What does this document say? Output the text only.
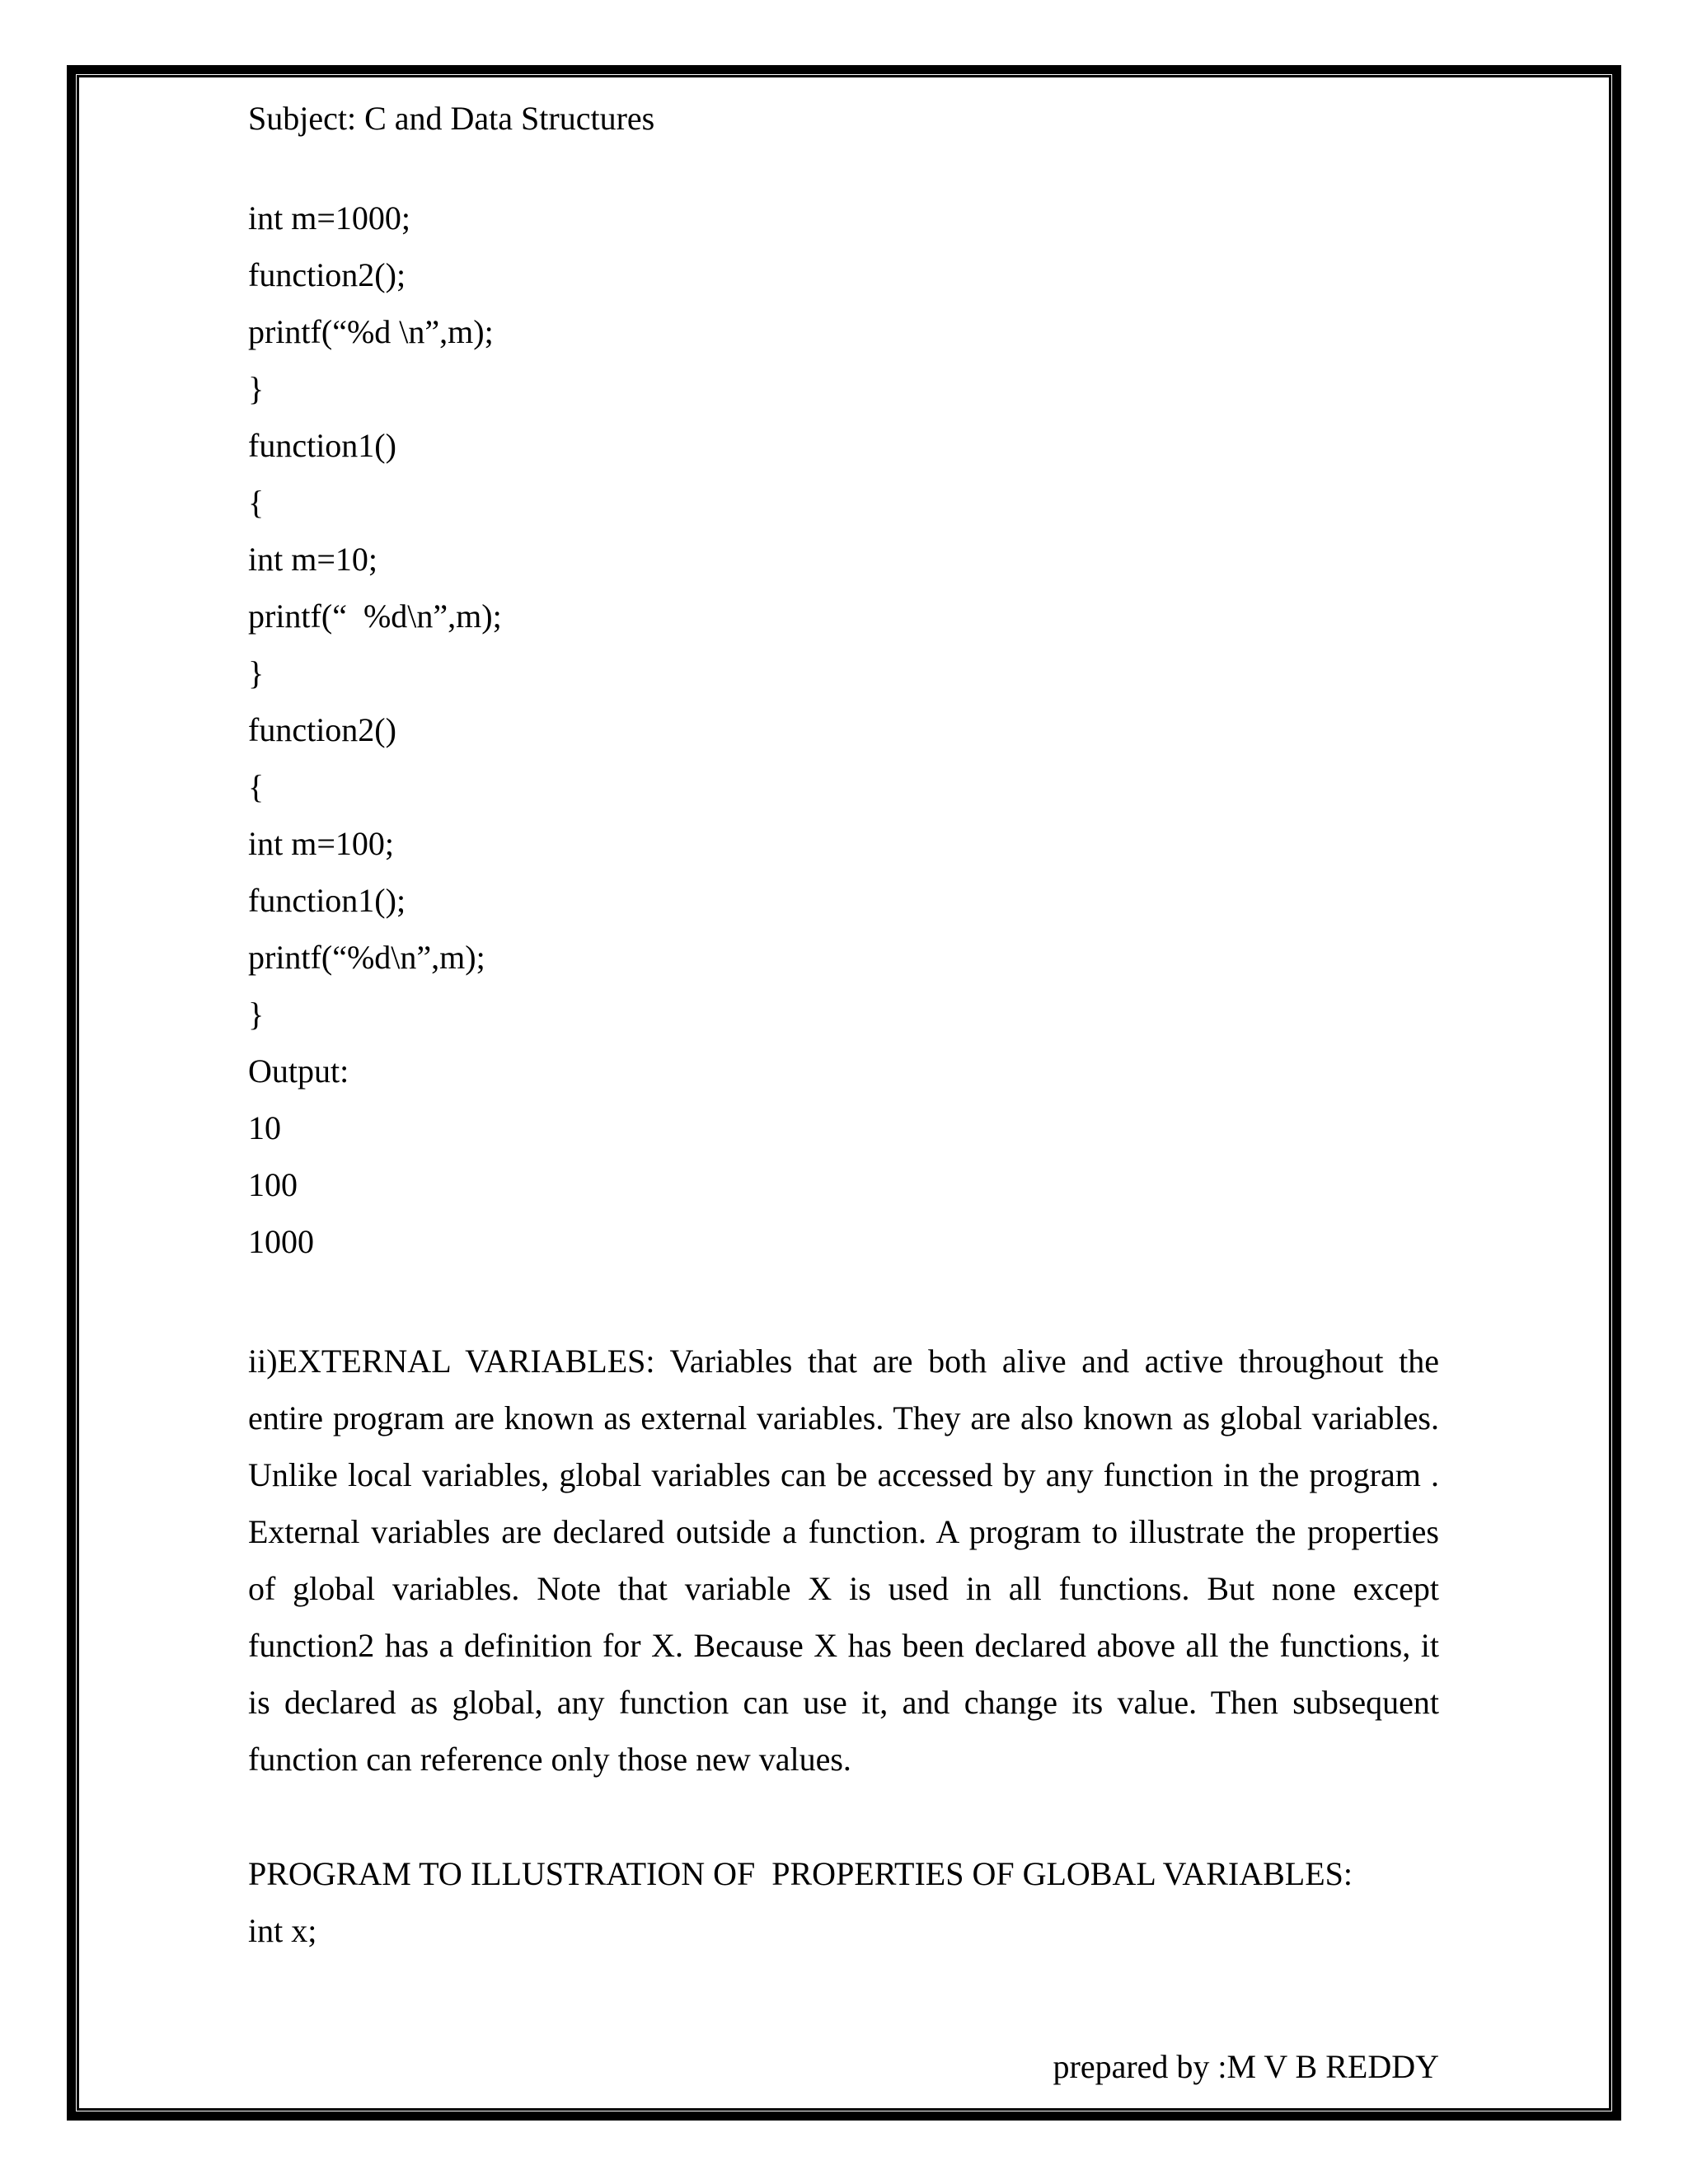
Subject: C and Data Structures
int m=1000;
function2();
printf(“%d \n”,m);
}
function1()
{
int m=10;
printf(“  %d\n”,m);
}
function2()
{
int m=100;
function1();
printf(“%d\n”,m);
}
Output:
10
100
1000
ii)EXTERNAL VARIABLES: Variables that are both alive and active throughout the
entire program are known as external variables. They are also known as global variables.
Unlike local variables, global variables can be accessed by any function in the program .
External variables are declared outside a function. A program to illustrate the properties
of global variables. Note that variable X is used in all functions. But none except
function2 has a definition for X. Because X has been declared above all the functions, it
is declared as global, any function can use it, and change its value. Then subsequent
function can reference only those new values.
PROGRAM TO ILLUSTRATION OF  PROPERTIES OF GLOBAL VARIABLES:
int x;
prepared by :M V B REDDY
